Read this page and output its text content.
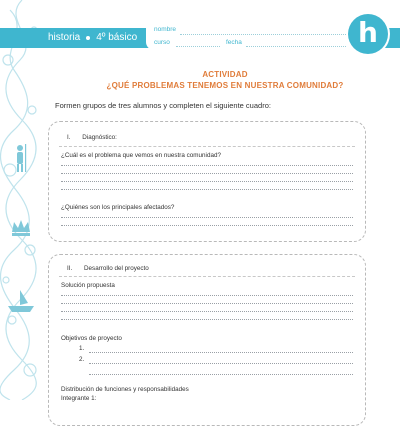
historia 4º básico
nombre
curso	fecha	h
ACTIVIDAD
¿QUÉ PROBLEMAS TENEMOS EN NUESTRA COMUNIDAD?
Formen grupos de tres alumnos y completen el siguiente cuadro:
I. Diagnóstico:
¿Cuál es el problema que vemos en nuestra comunidad?
¿Quiénes son los principales afectados?
II. Desarrollo del proyecto
Solución propuesta
Objetivos de proyecto
1.
2.
Distribución de funciones y responsabilidades
Integrante 1:
